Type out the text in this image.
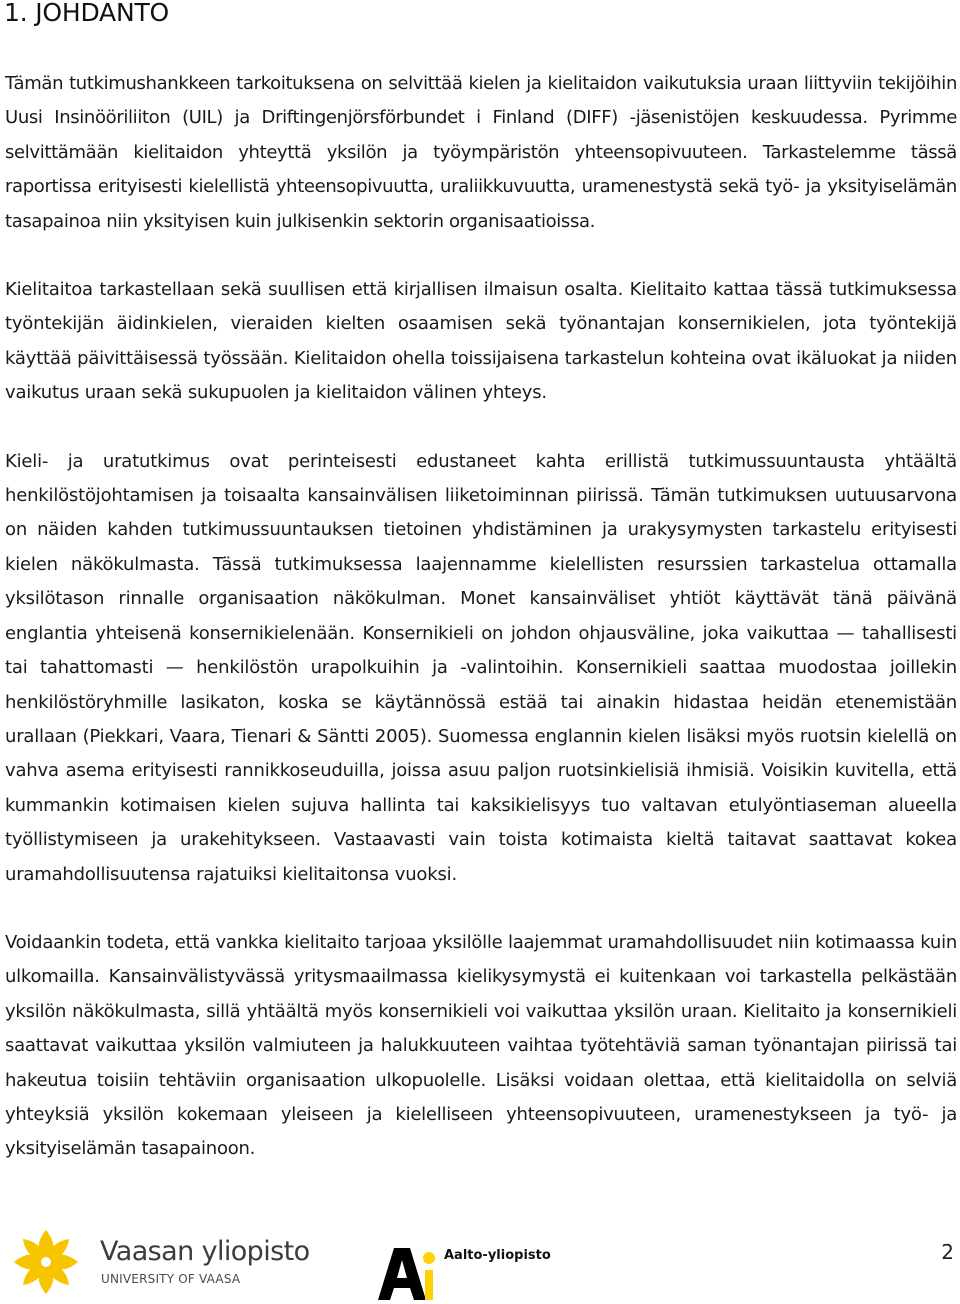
1. JOHDANTO

Tämän tutkimushankkeen tarkoituksena on selvittää kielen ja kielitaidon vaikutuksia uraan liittyviin tekijöihin Uusi Insinööriliiton (UIL) ja Driftingenjörsförbundet i Finland (DIFF) -jäsenistöjen keskuudessa. Pyrimme selvittämään kielitaidon yhteyttä yksilön ja työympäristön yhteensopivuuteen. Tarkastelemme tässä raportissa erityisesti kielellistä yhteensopivuutta, uraliikkuvuutta, uramenestystä sekä työ- ja yksityiselämän tasapainoa niin yksityisen kuin julkisenkin sektorin organisaatioissa.

Kielitaitoa tarkastellaan sekä suullisen että kirjallisen ilmaisun osalta. Kielitaito kattaa tässä tutkimuksessa työntekijän äidinkielen, vieraiden kielten osaamisen sekä työnantajan konsernikielen, jota työntekijä käyttää päivittäisessä työssään. Kielitaidon ohella toissijaisena tarkastelun kohteina ovat ikäluokat ja niiden vaikutus uraan sekä sukupuolen ja kielitaidon välinen yhteys.

Kieli- ja uratutkimus ovat perinteisesti edustaneet kahta erillistä tutkimussuuntausta yhtäältä henkilöstöjohtamisen ja toisaalta kansainvälisen liiketoiminnan piirissä. Tämän tutkimuksen uutuusarvona on näiden kahden tutkimussuuntauksen tietoinen yhdistäminen ja urakysymysten tarkastelu erityisesti kielen näkökulmasta. Tässä tutkimuksessa laajennamme kielellisten resurssien tarkastelua ottamalla yksilötason rinnalle organisaation näkökulman. Monet kansainväliset yhtiöt käyttävät tänä päivänä englantia yhteisenä konsernikielenään. Konsernikieli on johdon ohjausväline, joka vaikuttaa — tahallisesti tai tahattomasti — henkilöstön urapolkuihin ja -valintoihin. Konsernikieli saattaa muodostaa joillekin henkilöstöryhmille lasikaton, koska se käytännössä estää tai ainakin hidastaa heidän etenemistään urallaan (Piekkari, Vaara, Tienari & Säntti 2005). Suomessa englannin kielen lisäksi myös ruotsin kielellä on vahva asema erityisesti rannikkoseuduilla, joissa asuu paljon ruotsinkielisiä ihmisiä. Voisikin kuvitella, että kummankin kotimaisen kielen sujuva hallinta tai kaksikielisyys tuo valtavan etulyöntiaseman alueella työllistymiseen ja urakehitykseen. Vastaavasti vain toista kotimaista kieltä taitavat saattavat kokea uramahdollisuutensa rajatuiksi kielitaitonsa vuoksi.

Voidaankin todeta, että vankka kielitaito tarjoaa yksilölle laajemmat uramahdollisuudet niin kotimaassa kuin ulkomailla. Kansainvälistyvässä yritysmaailmassa kielikysymystä ei kuitenkaan voi tarkastella pelkästään yksilön näkökulmasta, sillä yhtäältä myös konsernikieli voi vaikuttaa yksilön uraan. Kielitaito ja konsernikieli saattavat vaikuttaa yksilön valmiuteen ja halukkuuteen vaihtaa työtehtäviä saman työnantajan piirissä tai hakeutua toisiin tehtäviin organisaation ulkopuolelle. Lisäksi voidaan olettaa, että kielitaidolla on selviä yhteyksiä yksilön kokemaan yleiseen ja kielelliseen yhteensopivuuteen, uramenestykseen ja työ- ja yksityiselämän tasapainoon.

Vaasan yliopisto
UNIVERSITY OF VAASA
Aalto-yliopisto	2
